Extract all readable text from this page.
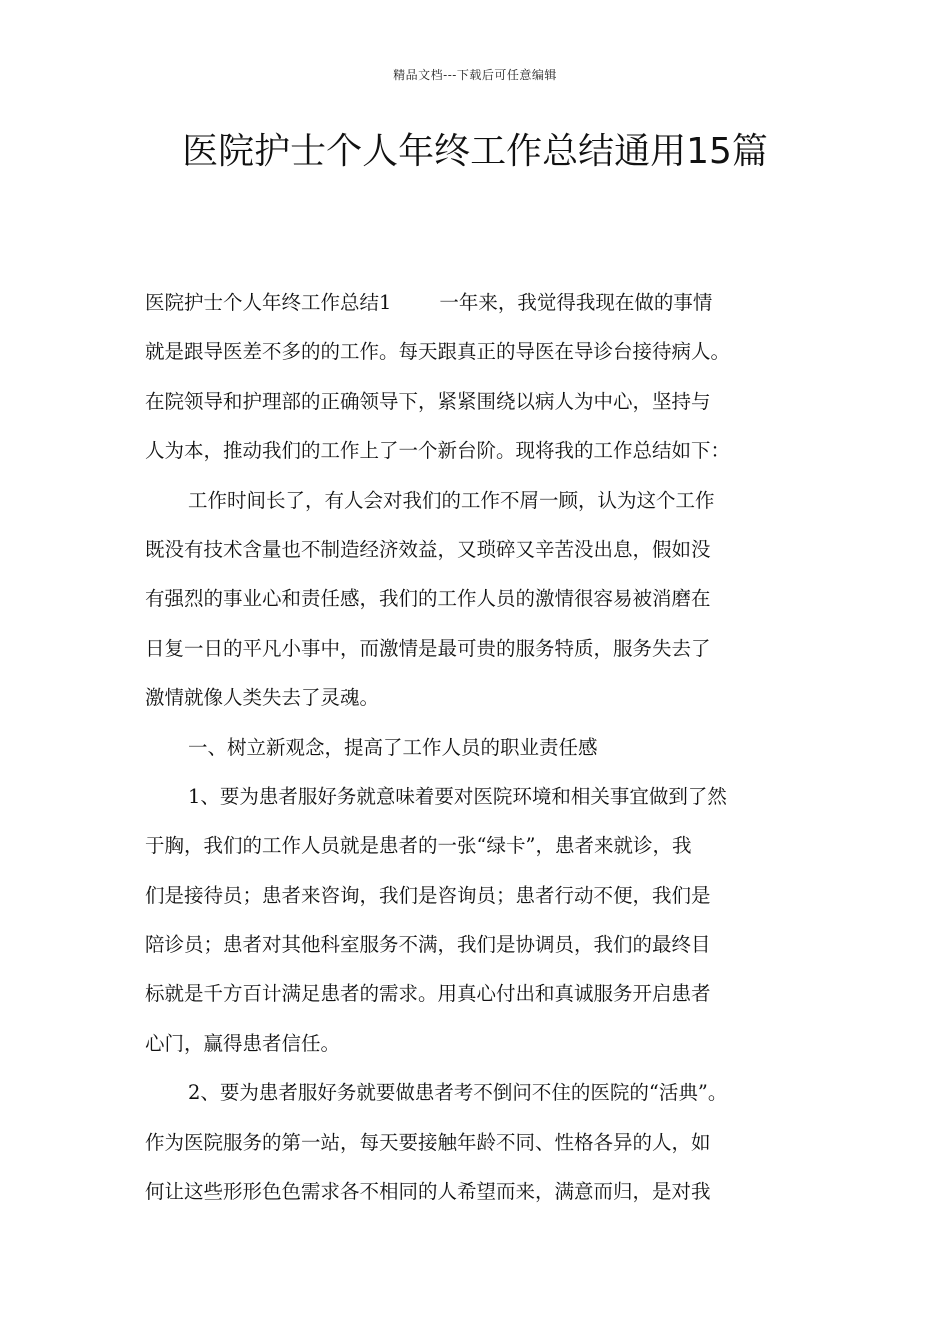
精品文档---下载后可任意编辑
医院护士个人年终工作总结通用15篇
医院护士个人年终工作总结1 一年来，我觉得我现在做的事情
就是跟导医差不多的的工作。每天跟真正的导医在导诊台接待病人。
在院领导和护理部的正确领导下，紧紧围绕以病人为中心，坚持与
人为本，推动我们的工作上了一个新台阶。现将我的工作总结如下：
工作时间长了，有人会对我们的工作不屑一顾，认为这个工作
既没有技术含量也不制造经济效益，又琐碎又辛苦没出息，假如没
有强烈的事业心和责任感，我们的工作人员的激情很容易被消磨在
日复一日的平凡小事中，而激情是最可贵的服务特质，服务失去了
激情就像人类失去了灵魂。
一、树立新观念，提高了工作人员的职业责任感
1、要为患者服好务就意味着要对医院环境和相关事宜做到了然
于胸，我们的工作人员就是患者的一张“绿卡”，患者来就诊，我
们是接待员；患者来咨询，我们是咨询员；患者行动不便，我们是
陪诊员；患者对其他科室服务不满，我们是协调员，我们的最终目
标就是千方百计满足患者的需求。用真心付出和真诚服务开启患者
心门，赢得患者信任。
2、要为患者服好务就要做患者考不倒问不住的医院的“活典”。
作为医院服务的第一站，每天要接触年龄不同、性格各异的人，如
何让这些形形色色需求各不相同的人希望而来，满意而归，是对我
